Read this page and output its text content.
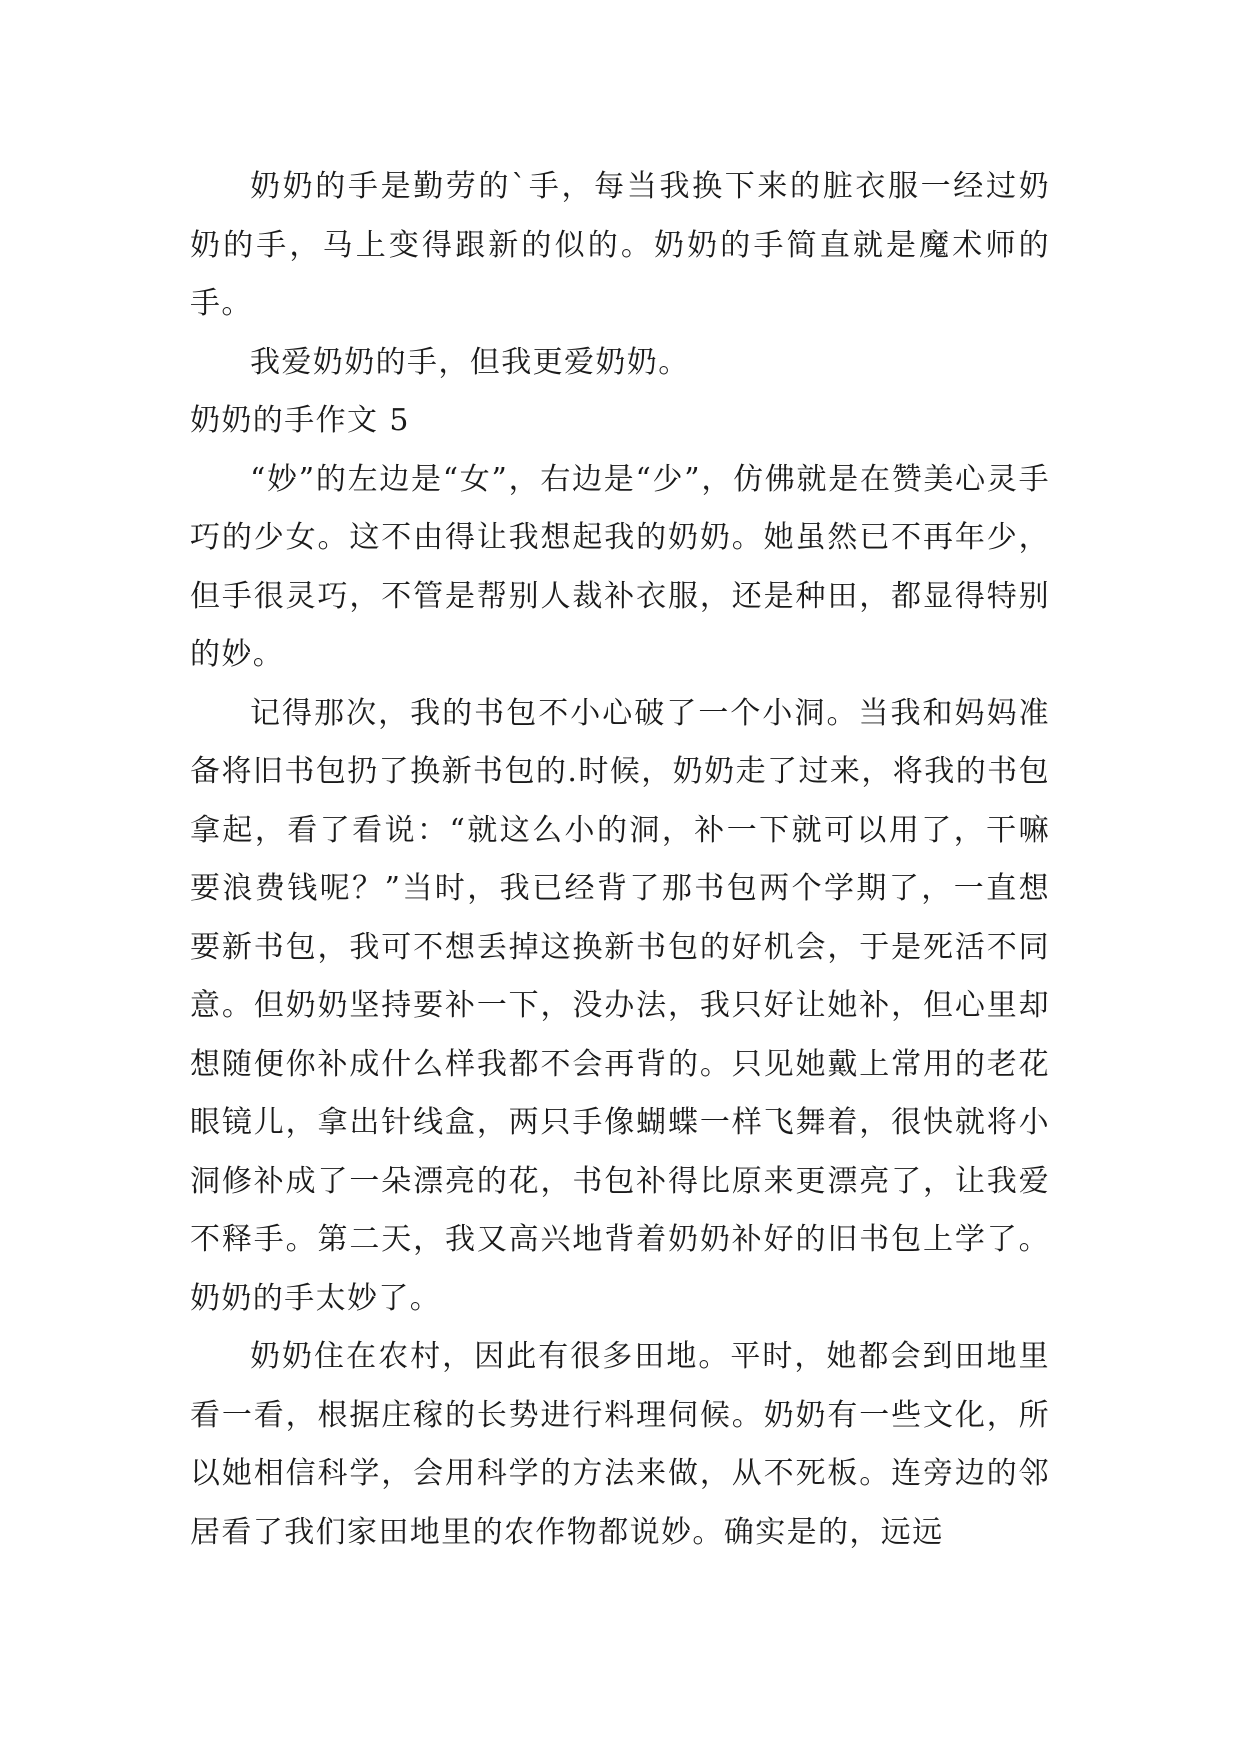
奶奶的手是勤劳的`手，每当我换下来的脏衣服一经过奶奶的手，马上变得跟新的似的。奶奶的手简直就是魔术师的手。

我爱奶奶的手，但我更爱奶奶。

奶奶的手作文 5

“妙”的左边是“女”，右边是“少”，仿佛就是在赞美心灵手巧的少女。这不由得让我想起我的奶奶。她虽然已不再年少，但手很灵巧，不管是帮别人裁补衣服，还是种田，都显得特别的妙。

记得那次，我的书包不小心破了一个小洞。当我和妈妈准备将旧书包扔了换新书包的.时候，奶奶走了过来，将我的书包拿起，看了看说：“就这么小的洞，补一下就可以用了，干嘛要浪费钱呢？”当时，我已经背了那书包两个学期了，一直想要新书包，我可不想丢掉这换新书包的好机会，于是死活不同意。但奶奶坚持要补一下，没办法，我只好让她补，但心里却想随便你补成什么样我都不会再背的。只见她戴上常用的老花眼镜儿，拿出针线盒，两只手像蝴蝶一样飞舞着，很快就将小洞修补成了一朵漂亮的花，书包补得比原来更漂亮了，让我爱不释手。第二天，我又高兴地背着奶奶补好的旧书包上学了。奶奶的手太妙了。

奶奶住在农村，因此有很多田地。平时，她都会到田地里看一看，根据庄稼的长势进行料理伺候。奶奶有一些文化，所以她相信科学，会用科学的方法来做，从不死板。连旁边的邻居看了我们家田地里的农作物都说妙。确实是的，远远
